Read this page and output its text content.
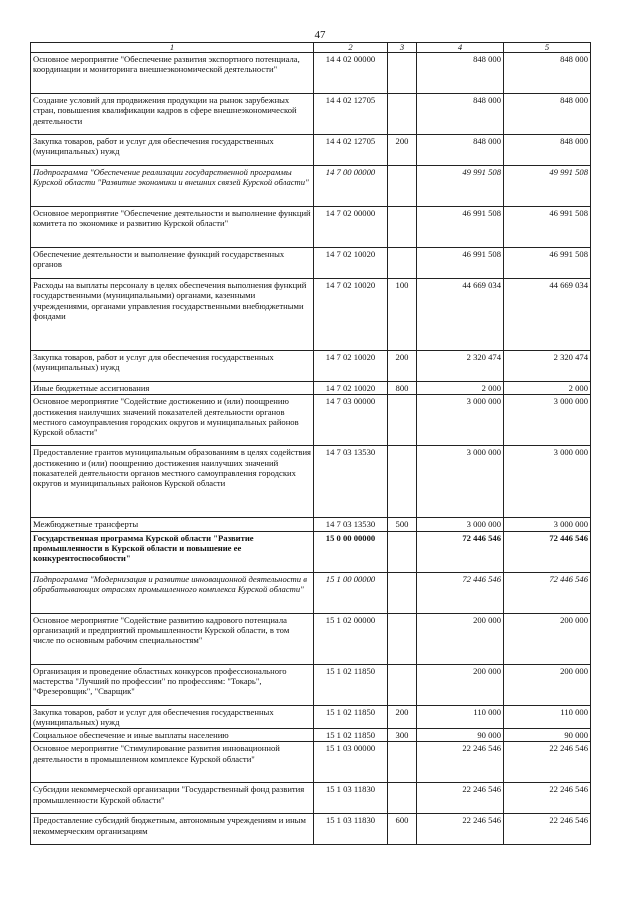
47
1	2	3	4	5
Основное мероприятие "Обеспечение развития экспортного потенциала, координации и мониторинга внешнеэкономической деятельности"	14 4 02 00000		848 000	848 000
Создание условий для продвижения продукции на рынок зарубежных стран, повышения квалификации кадров в сфере внешнеэкономической деятельности	14 4 02 12705		848 000	848 000
Закупка товаров, работ и услуг для обеспечения государственных (муниципальных) нужд	14 4 02 12705	200	848 000	848 000
Подпрограмма "Обеспечение реализации государственной программы Курской области "Развитие экономики и внешних связей Курской области"	14 7 00 00000		49 991 508	49 991 508
Основное мероприятие "Обеспечение деятельности и выполнение функций комитета по экономике и развитию Курской области"	14 7 02 00000		46 991 508	46 991 508
Обеспечение деятельности и выполнение функций государственных органов	14 7 02 10020		46 991 508	46 991 508
Расходы на выплаты персоналу в целях обеспечения выполнения функций государственными (муниципальными) органами, казенными учреждениями, органами управления государственными внебюджетными фондами	14 7 02 10020	100	44 669 034	44 669 034
Закупка товаров, работ и услуг для обеспечения государственных (муниципальных) нужд	14 7 02 10020	200	2 320 474	2 320 474
Иные бюджетные ассигнования	14 7 02 10020	800	2 000	2 000
Основное мероприятие "Содействие достижению и (или) поощрению достижения наилучших значений показателей деятельности органов местного самоуправления городских округов и муниципальных районов Курской области"	14 7 03 00000		3 000 000	3 000 000
Предоставление грантов муниципальным образованиям в целях содействия достижению и (или) поощрению достижения наилучших значений показателей деятельности органов местного самоуправления городских округов и муниципальных районов Курской области	14 7 03 13530		3 000 000	3 000 000
Межбюджетные трансферты	14 7 03 13530	500	3 000 000	3 000 000
Государственная программа Курской области "Развитие промышленности в Курской области и повышение ее конкурентоспособности"	15 0 00 00000		72 446 546	72 446 546
Подпрограмма "Модернизация и развитие инновационной деятельности в обрабатывающих отраслях промышленного комплекса Курской области"	15 1 00 00000		72 446 546	72 446 546
Основное мероприятие "Содействие развитию кадрового потенциала организаций и предприятий промышленности Курской области, в том числе по основным рабочим специальностям"	15 1 02 00000		200 000	200 000
Организация и проведение областных конкурсов профессионального мастерства "Лучший по профессии" по профессиям: "Токарь", "Фрезеровщик", "Сварщик"	15 1 02 11850		200 000	200 000
Закупка товаров, работ и услуг для обеспечения государственных (муниципальных) нужд	15 1 02 11850	200	110 000	110 000
Социальное обеспечение и иные выплаты населению	15 1 02 11850	300	90 000	90 000
Основное мероприятие "Стимулирование развития инновационной деятельности в промышленном комплексе Курской области"	15 1 03 00000		22 246 546	22 246 546
Субсидии некоммерческой организации "Государственный фонд развития промышленности Курской области"	15 1 03 11830		22 246 546	22 246 546
Предоставление субсидий бюджетным, автономным учреждениям и иным некоммерческим организациям	15 1 03 11830	600	22 246 546	22 246 546
